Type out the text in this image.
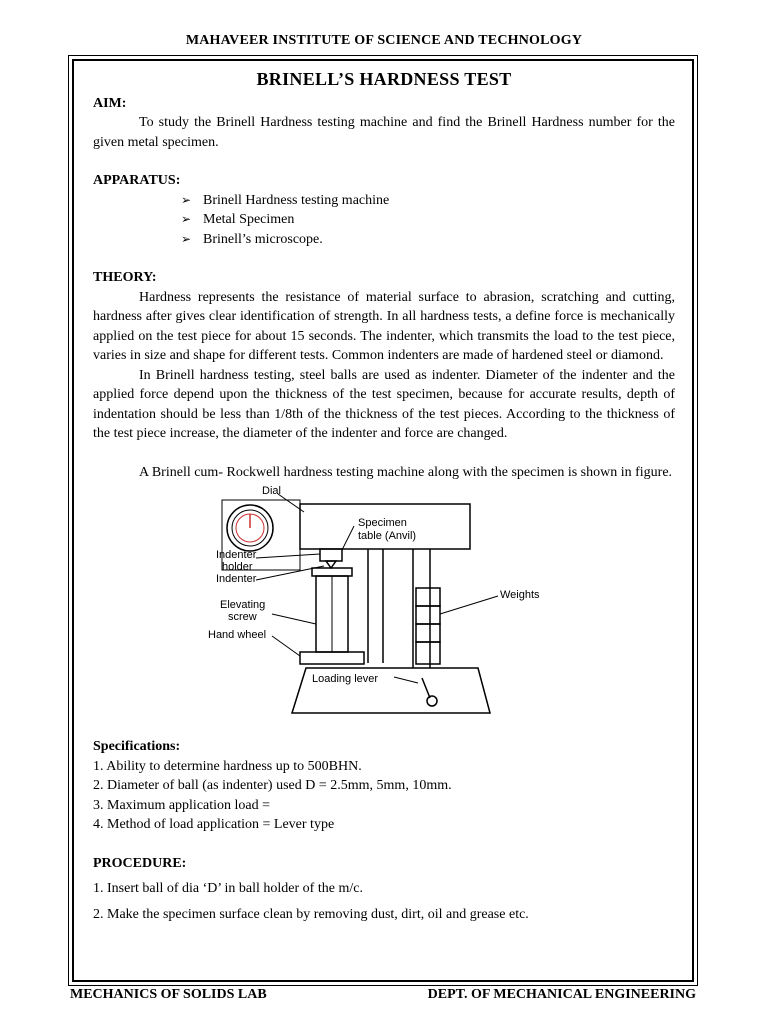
MAHAVEER INSTITUTE OF SCIENCE AND TECHNOLOGY
BRINELL’S HARDNESS TEST
AIM:
To study the Brinell Hardness testing machine and find the Brinell Hardness number for the given metal specimen.
APPARATUS:
➢ Brinell Hardness testing machine
➢ Metal Specimen
➢ Brinell’s microscope.
THEORY:
Hardness represents the resistance of material surface to abrasion, scratching and cutting, hardness after gives clear identification of strength. In all hardness tests, a define force is mechanically applied on the test piece for about 15 seconds. The indenter, which transmits the load to the test piece, varies in size and shape for different tests. Common indenters are made of hardened steel or diamond.
In Brinell hardness testing, steel balls are used as indenter. Diameter of the indenter and the applied force depend upon the thickness of the test specimen, because for accurate results, depth of indentation should be less than 1/8th of the thickness of the test pieces. According to the thickness of the test piece increase, the diameter of the indenter and force are changed.
A Brinell cum- Rockwell hardness testing machine along with the specimen is shown in figure.
Dial
Specimen
table (Anvil)
Indenter
holder
Indenter
Weights
Elevating
screw
Hand wheel
Loading lever
Specifications:
1. Ability to determine hardness up to 500BHN.
2. Diameter of ball (as indenter) used D = 2.5mm, 5mm, 10mm.
3. Maximum application load =
4. Method of load application = Lever type
PROCEDURE:
1. Insert ball of dia ‘D’ in ball holder of the m/c.
2. Make the specimen surface clean by removing dust, dirt, oil and grease etc.
MECHANICS OF SOLIDS LAB	DEPT. OF MECHANICAL ENGINEERING
